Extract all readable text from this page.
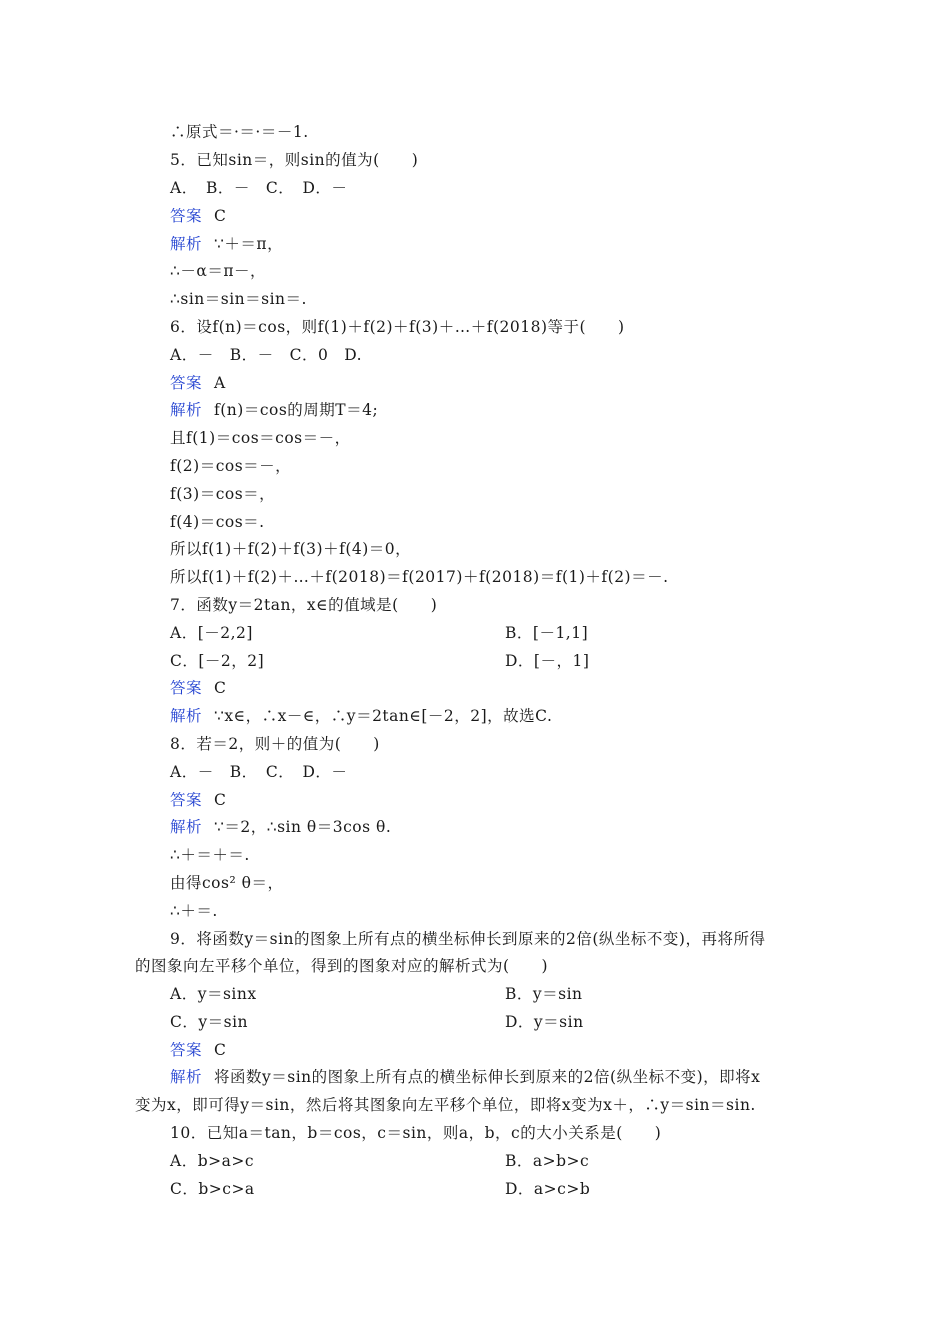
∴原式＝·＝·＝－1.
5．已知sin＝，则sin的值为(　　)
A．　B．－　C．　D．－
答案 C
解析 ∵＋＝π，
∴－α＝π－，
∴sin＝sin＝sin＝.
6．设f(n)＝cos，则f(1)＋f(2)＋f(3)＋…＋f(2018)等于(　　)
A．－　B．－　C．0　D.
答案 A
解析 f(n)＝cos的周期T＝4;
且f(1)＝cos＝cos＝－，
f(2)＝cos＝－，
f(3)＝cos＝，
f(4)＝cos＝.
所以f(1)＋f(2)＋f(3)＋f(4)＝0，
所以f(1)＋f(2)＋…＋f(2018)＝f(2017)＋f(2018)＝f(1)＋f(2)＝－.
7．函数y＝2tan，x∈的值域是(　　)
A．[－2,2]	B．[－1,1]
C．[－2，2]	D．[－，1]
答案 C
解析 ∵x∈，∴x－∈，∴y＝2tan∈[－2，2]，故选C.
8．若＝2，则＋的值为(　　)
A．－　B．　C．　D．－
答案 C
解析 ∵＝2，∴sin θ＝3cos θ.
∴＋＝＋＝.
由得cos² θ＝，
∴＋＝.
9．将函数y＝sin的图象上所有点的横坐标伸长到原来的2倍(纵坐标不变)，再将所得
的图象向左平移个单位，得到的图象对应的解析式为(　　)
A．y＝sinx	B．y＝sin
C．y＝sin	D．y＝sin
答案 C
解析 将函数y＝sin的图象上所有点的横坐标伸长到原来的2倍(纵坐标不变)，即将x
变为x，即可得y＝sin，然后将其图象向左平移个单位，即将x变为x＋，∴y＝sin＝sin.
10．已知a＝tan，b＝cos，c＝sin，则a，b，c的大小关系是(　　)
A．b>a>c	B．a>b>c
C．b>c>a	D．a>c>b
